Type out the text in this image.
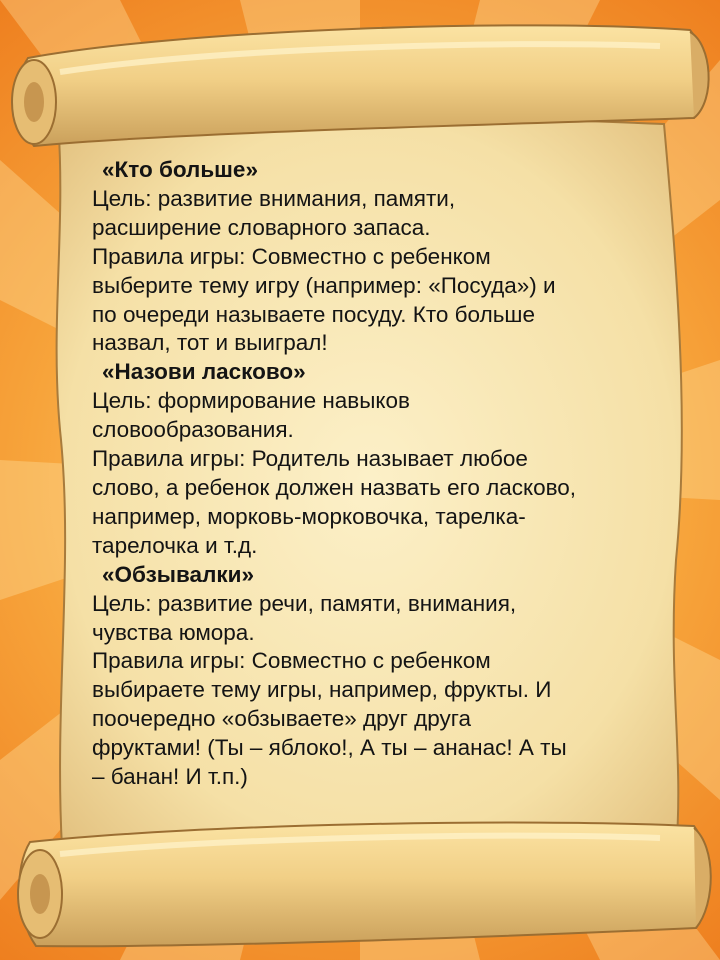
«Кто больше»

Цель: развитие внимания, памяти,

расширение словарного запаса.

Правила игры: Совместно с ребенком

выберите тему игру (например: «Посуда») и

по очереди называете посуду. Кто больше

назвал, тот и выиграл!

«Назови ласково»

Цель: формирование навыков

словообразования.

Правила игры: Родитель называет любое

слово, а ребенок должен назвать его ласково,

например, морковь-морковочка, тарелка-

тарелочка и т.д.

«Обзывалки»

Цель: развитие речи, памяти, внимания,

чувства юмора.

Правила игры: Совместно с ребенком

выбираете тему игры, например, фрукты. И

поочередно «обзываете» друг друга

фруктами! (Ты – яблоко!, А ты – ананас! А ты

– банан! И т.п.)
